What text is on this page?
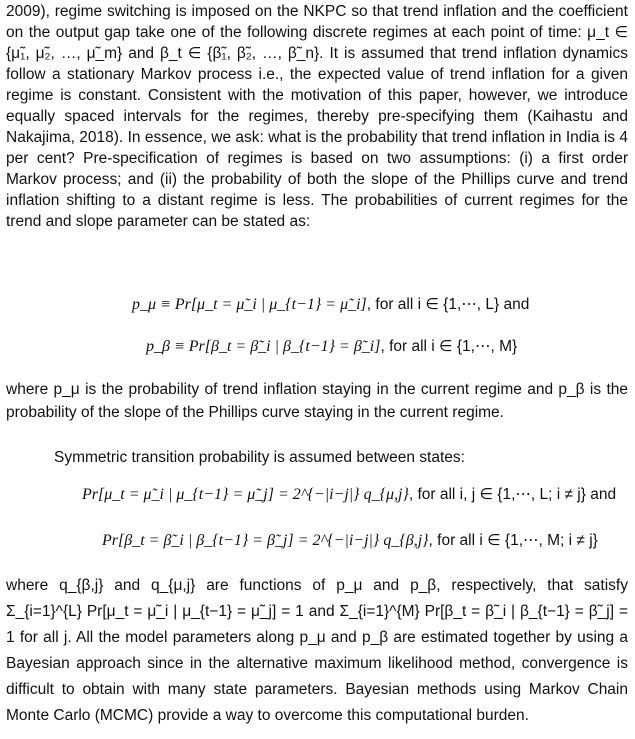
2009), regime switching is imposed on the NKPC so that trend inflation and the coefficient on the output gap take one of the following discrete regimes at each point of time: μ_t ∈ {μ̃₁, μ̃₂, …, μ̃_m} and β_t ∈ {β̃₁, β̃₂, …, β̃_n}. It is assumed that trend inflation dynamics follow a stationary Markov process i.e., the expected value of trend inflation for a given regime is constant. Consistent with the motivation of this paper, however, we introduce equally spaced intervals for the regimes, thereby pre-specifying them (Kaihastu and Nakajima, 2018). In essence, we ask: what is the probability that trend inflation in India is 4 per cent? Pre-specification of regimes is based on two assumptions: (i) a first order Markov process; and (ii) the probability of both the slope of the Phillips curve and trend inflation shifting to a distant regime is less. The probabilities of current regimes for the trend and slope parameter can be stated as:

p_μ ≡ Pr[μ_t = μ̃_i | μ_{t−1} = μ̃_i], for all i ∈ {1,⋯, L} and
p_β ≡ Pr[β_t = β̃_i | β_{t−1} = β̃_i], for all i ∈ {1,⋯, M}

where p_μ is the probability of trend inflation staying in the current regime and p_β is the probability of the slope of the Phillips curve staying in the current regime.

Symmetric transition probability is assumed between states:

Pr[μ_t = μ̃_i | μ_{t−1} = μ̃_j] = 2^{−|i−j|} q_{μ,j}, for all i, j ∈ {1,⋯, L; i ≠ j} and
Pr[β_t = β̃_i | β_{t−1} = β̃_j] = 2^{−|i−j|} q_{β,j}, for all i ∈ {1,⋯, M; i ≠ j}

where q_{β,j} and q_{μ,j} are functions of p_μ and p_β, respectively, that satisfy Σ_{i=1}^{L} Pr[μ_t = μ̃_i | μ_{t−1} = μ̃_j] = 1 and Σ_{i=1}^{M} Pr[β_t = β̃_i | β_{t−1} = β̃_j] = 1 for all j. All the model parameters along p_μ and p_β are estimated together by using a Bayesian approach since in the alternative maximum likelihood method, convergence is difficult to obtain with many state parameters. Bayesian methods using Markov Chain Monte Carlo (MCMC) provide a way to overcome this computational burden.
